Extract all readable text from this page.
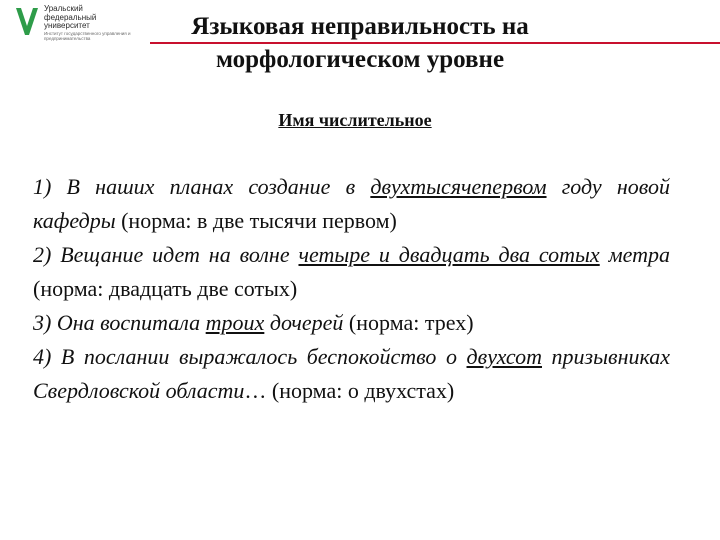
Уральский
федеральный
университет
Институт государственного управления и предпринимательства	Языковая неправильность на
морфологическом уровне
Имя числительное

1) В наших планах создание в двухтысячепервом году новой кафедры (норма: в две тысячи первом)

2) Вещание идет на волне четыре и двадцать два сотых метра (норма: двадцать две сотых)

3) Она воспитала троих дочерей (норма: трех)

4) В послании выражалось беспокойство о двухсот призывниках Свердловской области… (норма: о двухстах)
